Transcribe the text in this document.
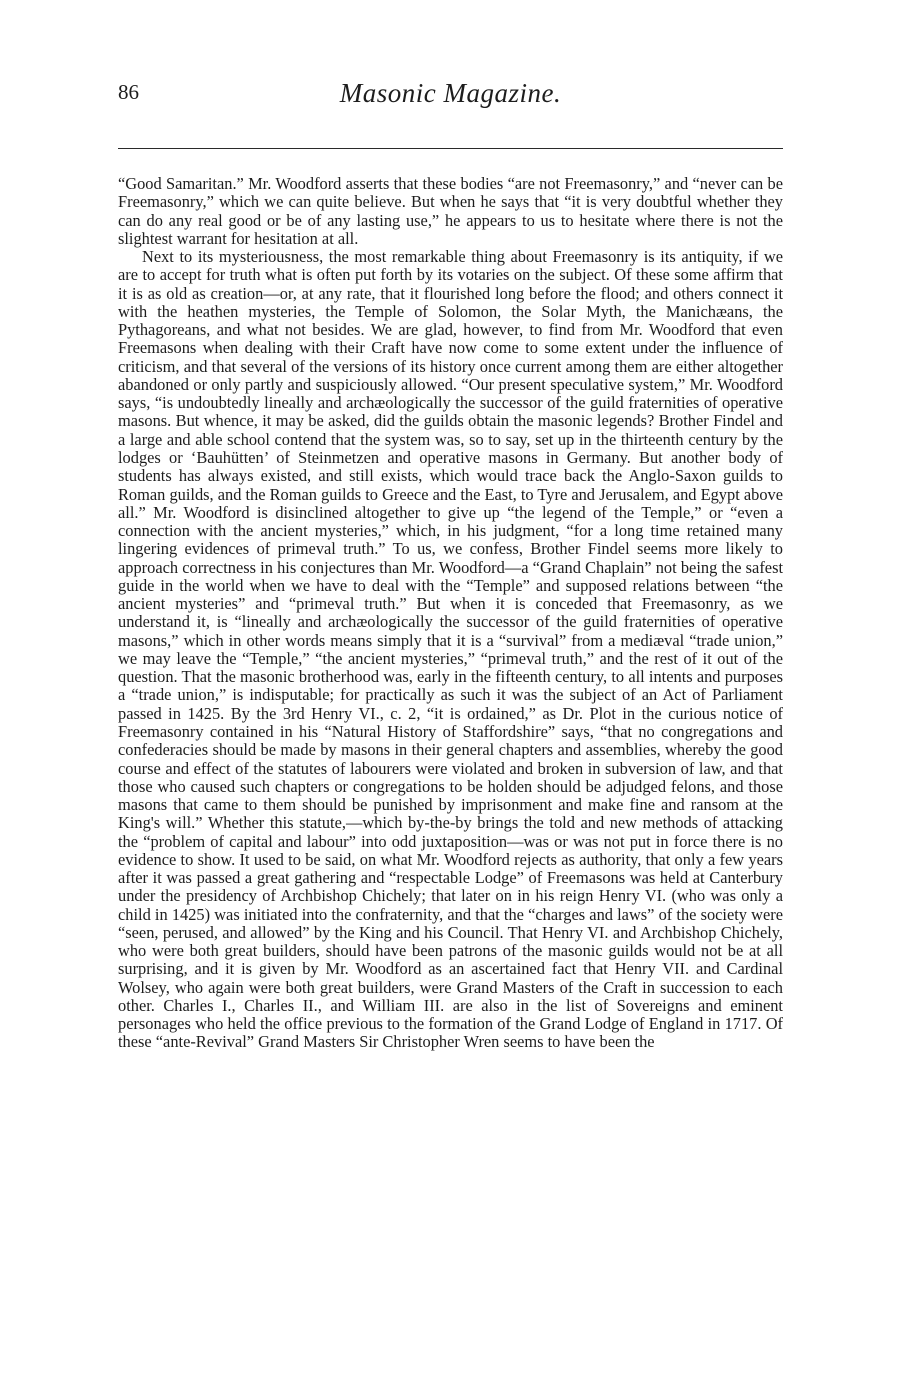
86	Masonic Magazine.

“Good Samaritan.” Mr. Woodford asserts that these bodies “are not Freemasonry,” and “never can be Freemasonry,” which we can quite believe. But when he says that “it is very doubtful whether they can do any real good or be of any lasting use,” he appears to us to hesitate where there is not the slightest warrant for hesitation at all.

Next to its mysteriousness, the most remarkable thing about Freemasonry is its antiquity, if we are to accept for truth what is often put forth by its votaries on the subject. Of these some affirm that it is as old as creation—or, at any rate, that it flourished long before the flood; and others connect it with the heathen mysteries, the Temple of Solomon, the Solar Myth, the Manichæans, the Pythagoreans, and what not besides. We are glad, however, to find from Mr. Woodford that even Freemasons when dealing with their Craft have now come to some extent under the influence of criticism, and that several of the versions of its history once current among them are either altogether abandoned or only partly and suspiciously allowed. “Our present speculative system,” Mr. Woodford says, “is undoubtedly lineally and archæologically the successor of the guild fraternities of operative masons. But whence, it may be asked, did the guilds obtain the masonic legends? Brother Findel and a large and able school contend that the system was, so to say, set up in the thirteenth century by the lodges or ‘Bauhütten’ of Steinmetzen and operative masons in Germany. But another body of students has always existed, and still exists, which would trace back the Anglo-Saxon guilds to Roman guilds, and the Roman guilds to Greece and the East, to Tyre and Jerusalem, and Egypt above all.” Mr. Woodford is disinclined altogether to give up “the legend of the Temple,” or “even a connection with the ancient mysteries,” which, in his judgment, “for a long time retained many lingering evidences of primeval truth.” To us, we confess, Brother Findel seems more likely to approach correctness in his conjectures than Mr. Woodford—a “Grand Chaplain” not being the safest guide in the world when we have to deal with the “Temple” and supposed relations between “the ancient mysteries” and “primeval truth.” But when it is conceded that Freemasonry, as we understand it, is “lineally and archæologically the successor of the guild fraternities of operative masons,” which in other words means simply that it is a “survival” from a mediæval “trade union,” we may leave the “Temple,” “the ancient mysteries,” “primeval truth,” and the rest of it out of the question. That the masonic brotherhood was, early in the fifteenth century, to all intents and purposes a “trade union,” is indisputable; for practically as such it was the subject of an Act of Parliament passed in 1425. By the 3rd Henry VI., c. 2, “it is ordained,” as Dr. Plot in the curious notice of Freemasonry contained in his “Natural History of Staffordshire” says, “that no congregations and confederacies should be made by masons in their general chapters and assemblies, whereby the good course and effect of the statutes of labourers were violated and broken in subversion of law, and that those who caused such chapters or congregations to be holden should be adjudged felons, and those masons that came to them should be punished by imprisonment and make fine and ransom at the King's will.” Whether this statute,—which by-the-by brings the told and new methods of attacking the “problem of capital and labour” into odd juxtaposition—was or was not put in force there is no evidence to show. It used to be said, on what Mr. Woodford rejects as authority, that only a few years after it was passed a great gathering and “respectable Lodge” of Freemasons was held at Canterbury under the presidency of Archbishop Chichely; that later on in his reign Henry VI. (who was only a child in 1425) was initiated into the confraternity, and that the “charges and laws” of the society were “seen, perused, and allowed” by the King and his Council. That Henry VI. and Archbishop Chichely, who were both great builders, should have been patrons of the masonic guilds would not be at all surprising, and it is given by Mr. Woodford as an ascertained fact that Henry VII. and Cardinal Wolsey, who again were both great builders, were Grand Masters of the Craft in succession to each other. Charles I., Charles II., and William III. are also in the list of Sovereigns and eminent personages who held the office previous to the formation of the Grand Lodge of England in 1717. Of these “ante-Revival” Grand Masters Sir Christopher Wren seems to have been the
